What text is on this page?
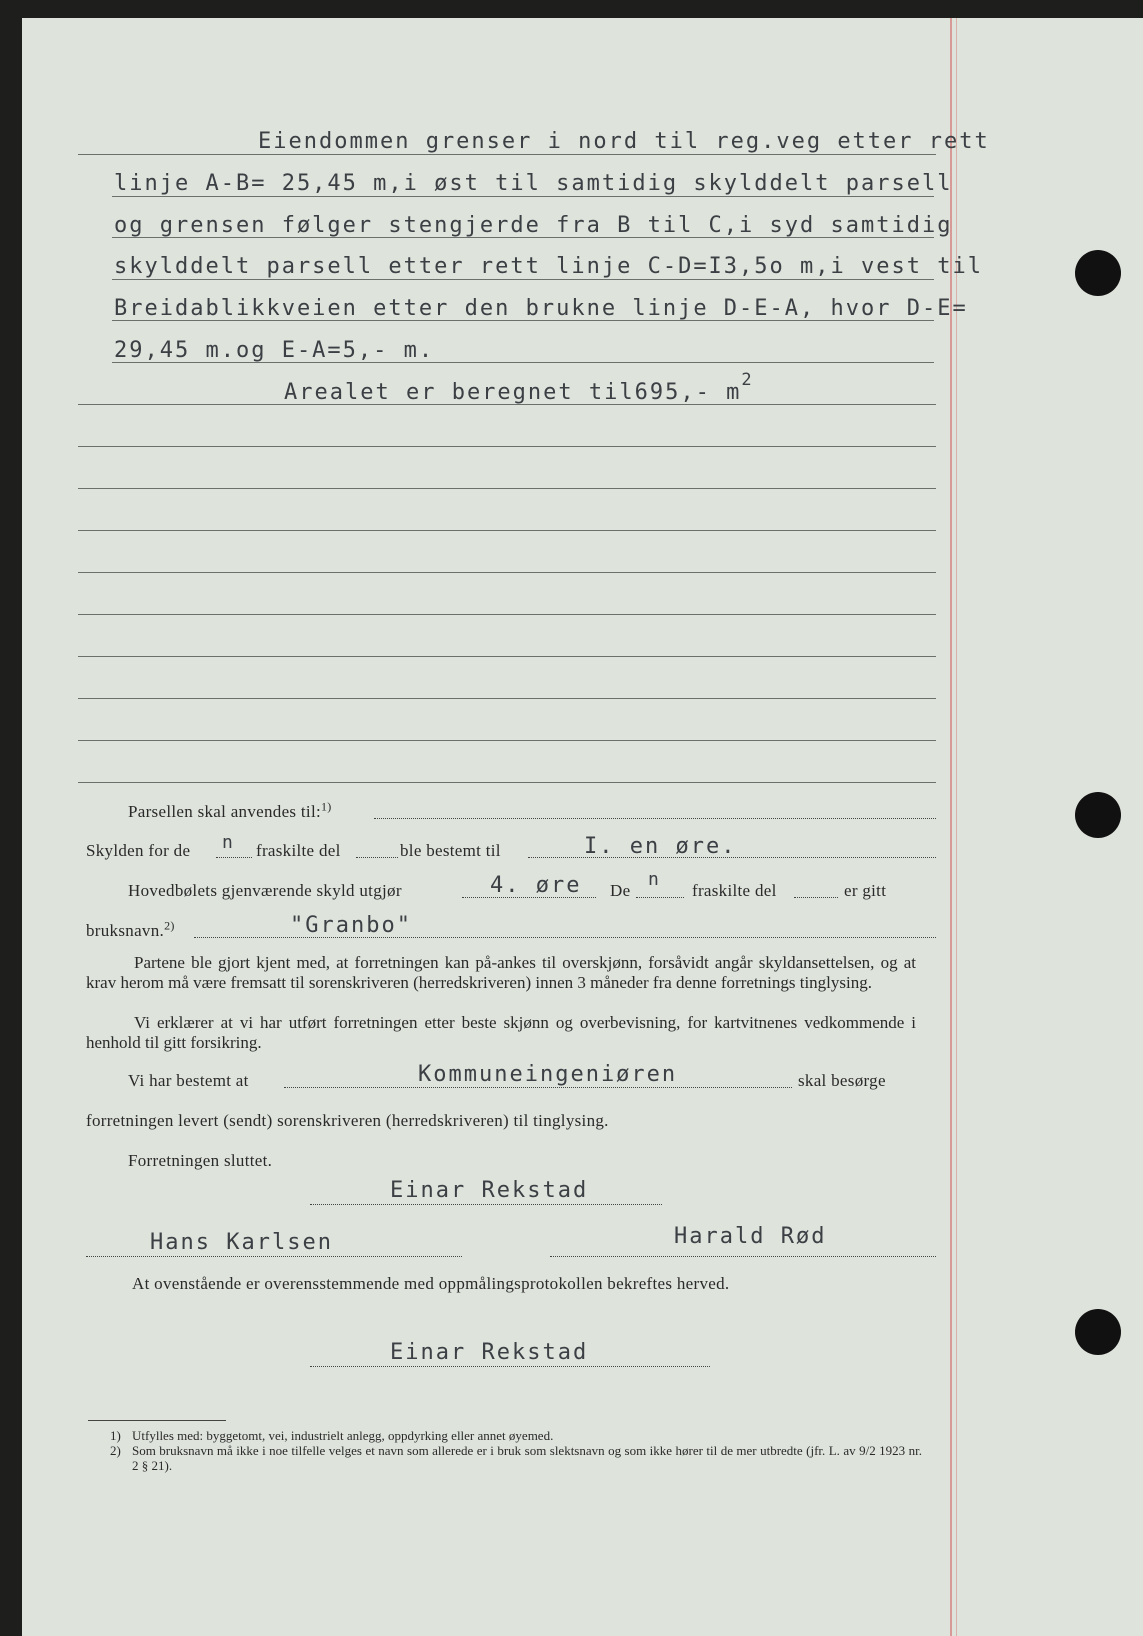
Eiendommen grenser i nord til reg.veg etter rett
linje A-B= 25,45 m,i øst til samtidig skylddelt parsell
og grensen følger stengjerde fra B til C,i syd samtidig
skylddelt parsell etter rett linje C-D=I3,5o m,i vest til
Breidablikkveien etter den brukne linje D-E-A, hvor D-E=
29,45 m.og E-A=5,- m.
Arealet er beregnet til695,- $m^2$
Parsellen skal anvendes til:$^{1)}$
Skylden for de n fraskilte del	ble bestemt til	I. en øre.
Hovedbølets gjenværende skyld utgjør	4. øre De
n
fraskilte del	er gitt
bruksnavn.$^{2)}$	"Granbo"
Partene ble gjort kjent med, at forretningen kan på-ankes til overskjønn, forsåvidt angår skyldansettelsen, og at krav herom må være fremsatt til sorenskriveren (herredskriveren) innen 3 måneder fra denne forretnings tinglysing.
Vi erklærer at vi har utført forretningen etter beste skjønn og overbevisning, for kartvitnenes vedkommende i henhold til gitt forsikring.
Vi har bestemt at	Kommuneingeniøren	skal besørge
forretningen levert (sendt) sorenskriveren (herredskriveren) til tinglysing.
Forretningen sluttet.
Einar Rekstad
Hans Karlsen	Harald Rød
At ovenstående er overensstemmende med oppmålingsprotokollen bekreftes herved.
Einar Rekstad
1) Utfylles med: byggetomt, vei, industrielt anlegg, oppdyrking eller annet øyemed.
2) Som bruksnavn må ikke i noe tilfelle velges et navn som allerede er i bruk som slektsnavn og som ikke hører til de mer utbredte (jfr. L. av 9/2 1923 nr. 2 § 21).
